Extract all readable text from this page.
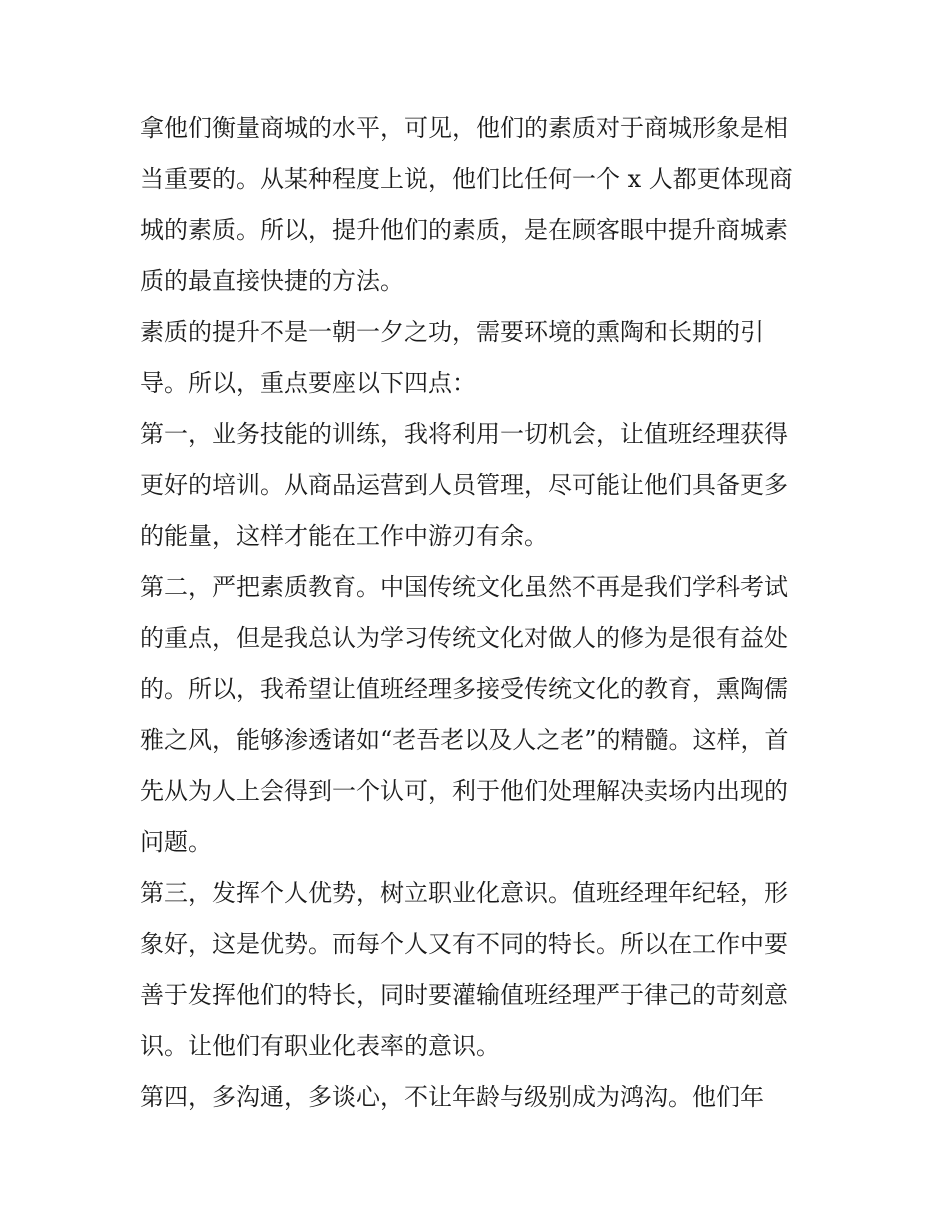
拿他们衡量商城的水平，可见，他们的素质对于商城形象是相
当重要的。从某种程度上说，他们比任何一个 x 人都更体现商
城的素质。所以，提升他们的素质，是在顾客眼中提升商城素
质的最直接快捷的方法。
素质的提升不是一朝一夕之功，需要环境的熏陶和长期的引
导。所以，重点要座以下四点：
第一，业务技能的训练，我将利用一切机会，让值班经理获得
更好的培训。从商品运营到人员管理，尽可能让他们具备更多
的能量，这样才能在工作中游刃有余。
第二，严把素质教育。中国传统文化虽然不再是我们学科考试
的重点，但是我总认为学习传统文化对做人的修为是很有益处
的。所以，我希望让值班经理多接受传统文化的教育，熏陶儒
雅之风，能够渗透诸如“老吾老以及人之老”的精髓。这样，首
先从为人上会得到一个认可，利于他们处理解决卖场内出现的
问题。
第三，发挥个人优势，树立职业化意识。值班经理年纪轻，形
象好，这是优势。而每个人又有不同的特长。所以在工作中要
善于发挥他们的特长，同时要灌输值班经理严于律己的苛刻意
识。让他们有职业化表率的意识。
第四，多沟通，多谈心，不让年龄与级别成为鸿沟。他们年
